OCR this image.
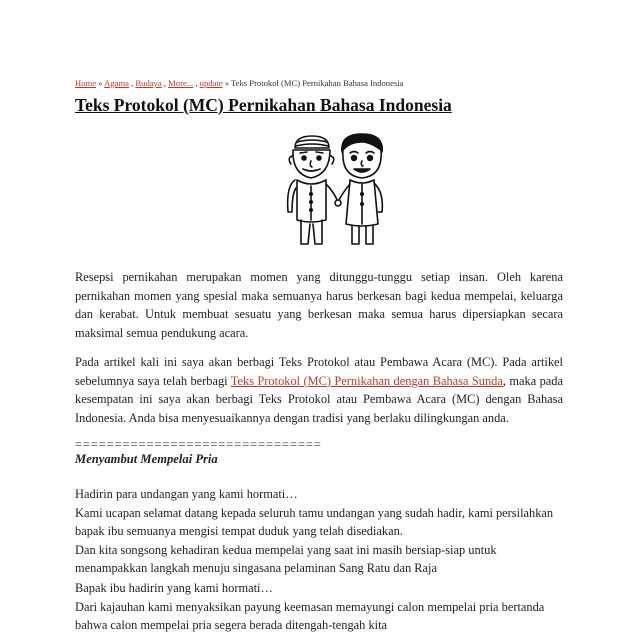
Home » Agama , Budaya , More... , update » Teks Protokol (MC) Pernikahan Bahasa Indonesia
Teks Protokol (MC) Pernikahan Bahasa Indonesia

Resepsi pernikahan merupakan momen yang ditunggu-tunggu setiap insan. Oleh karena pernikahan momen yang spesial maka semuanya harus berkesan bagi kedua mempelai, keluarga dan kerabat. Untuk membuat sesuatu yang berkesan maka semua harus dipersiapkan secara maksimal semua pendukung acara.

Pada artikel kali ini saya akan berbagi Teks Protokol atau Pembawa Acara (MC). Pada artikel sebelumnya saya telah berbagi Teks Protokol (MC) Pernikahan dengan Bahasa Sunda, maka pada kesempatan ini saya akan berbagi Teks Protokol atau Pembawa Acara (MC) dengan Bahasa Indonesia. Anda bisa menyesuaikannya dengan tradisi yang berlaku dilingkungan anda.

===============================
Menyambut Mempelai Pria
Hadirin para undangan yang kami hormati…
Kami ucapan selamat datang kepada seluruh tamu undangan yang sudah hadir, kami persilahkan
bapak ibu semuanya mengisi tempat duduk yang telah disediakan.
Dan kita songsong kehadiran kedua mempelai yang saat ini masih bersiap-siap untuk
menampakkan langkah menuju singasana pelaminan Sang Ratu dan Raja
Bapak ibu hadirin yang kami hormati…
Dari kajauhan kami menyaksikan payung keemasan memayungi calon mempelai pria bertanda
bahwa calon mempelai pria segera berada ditengah-tengah kita
